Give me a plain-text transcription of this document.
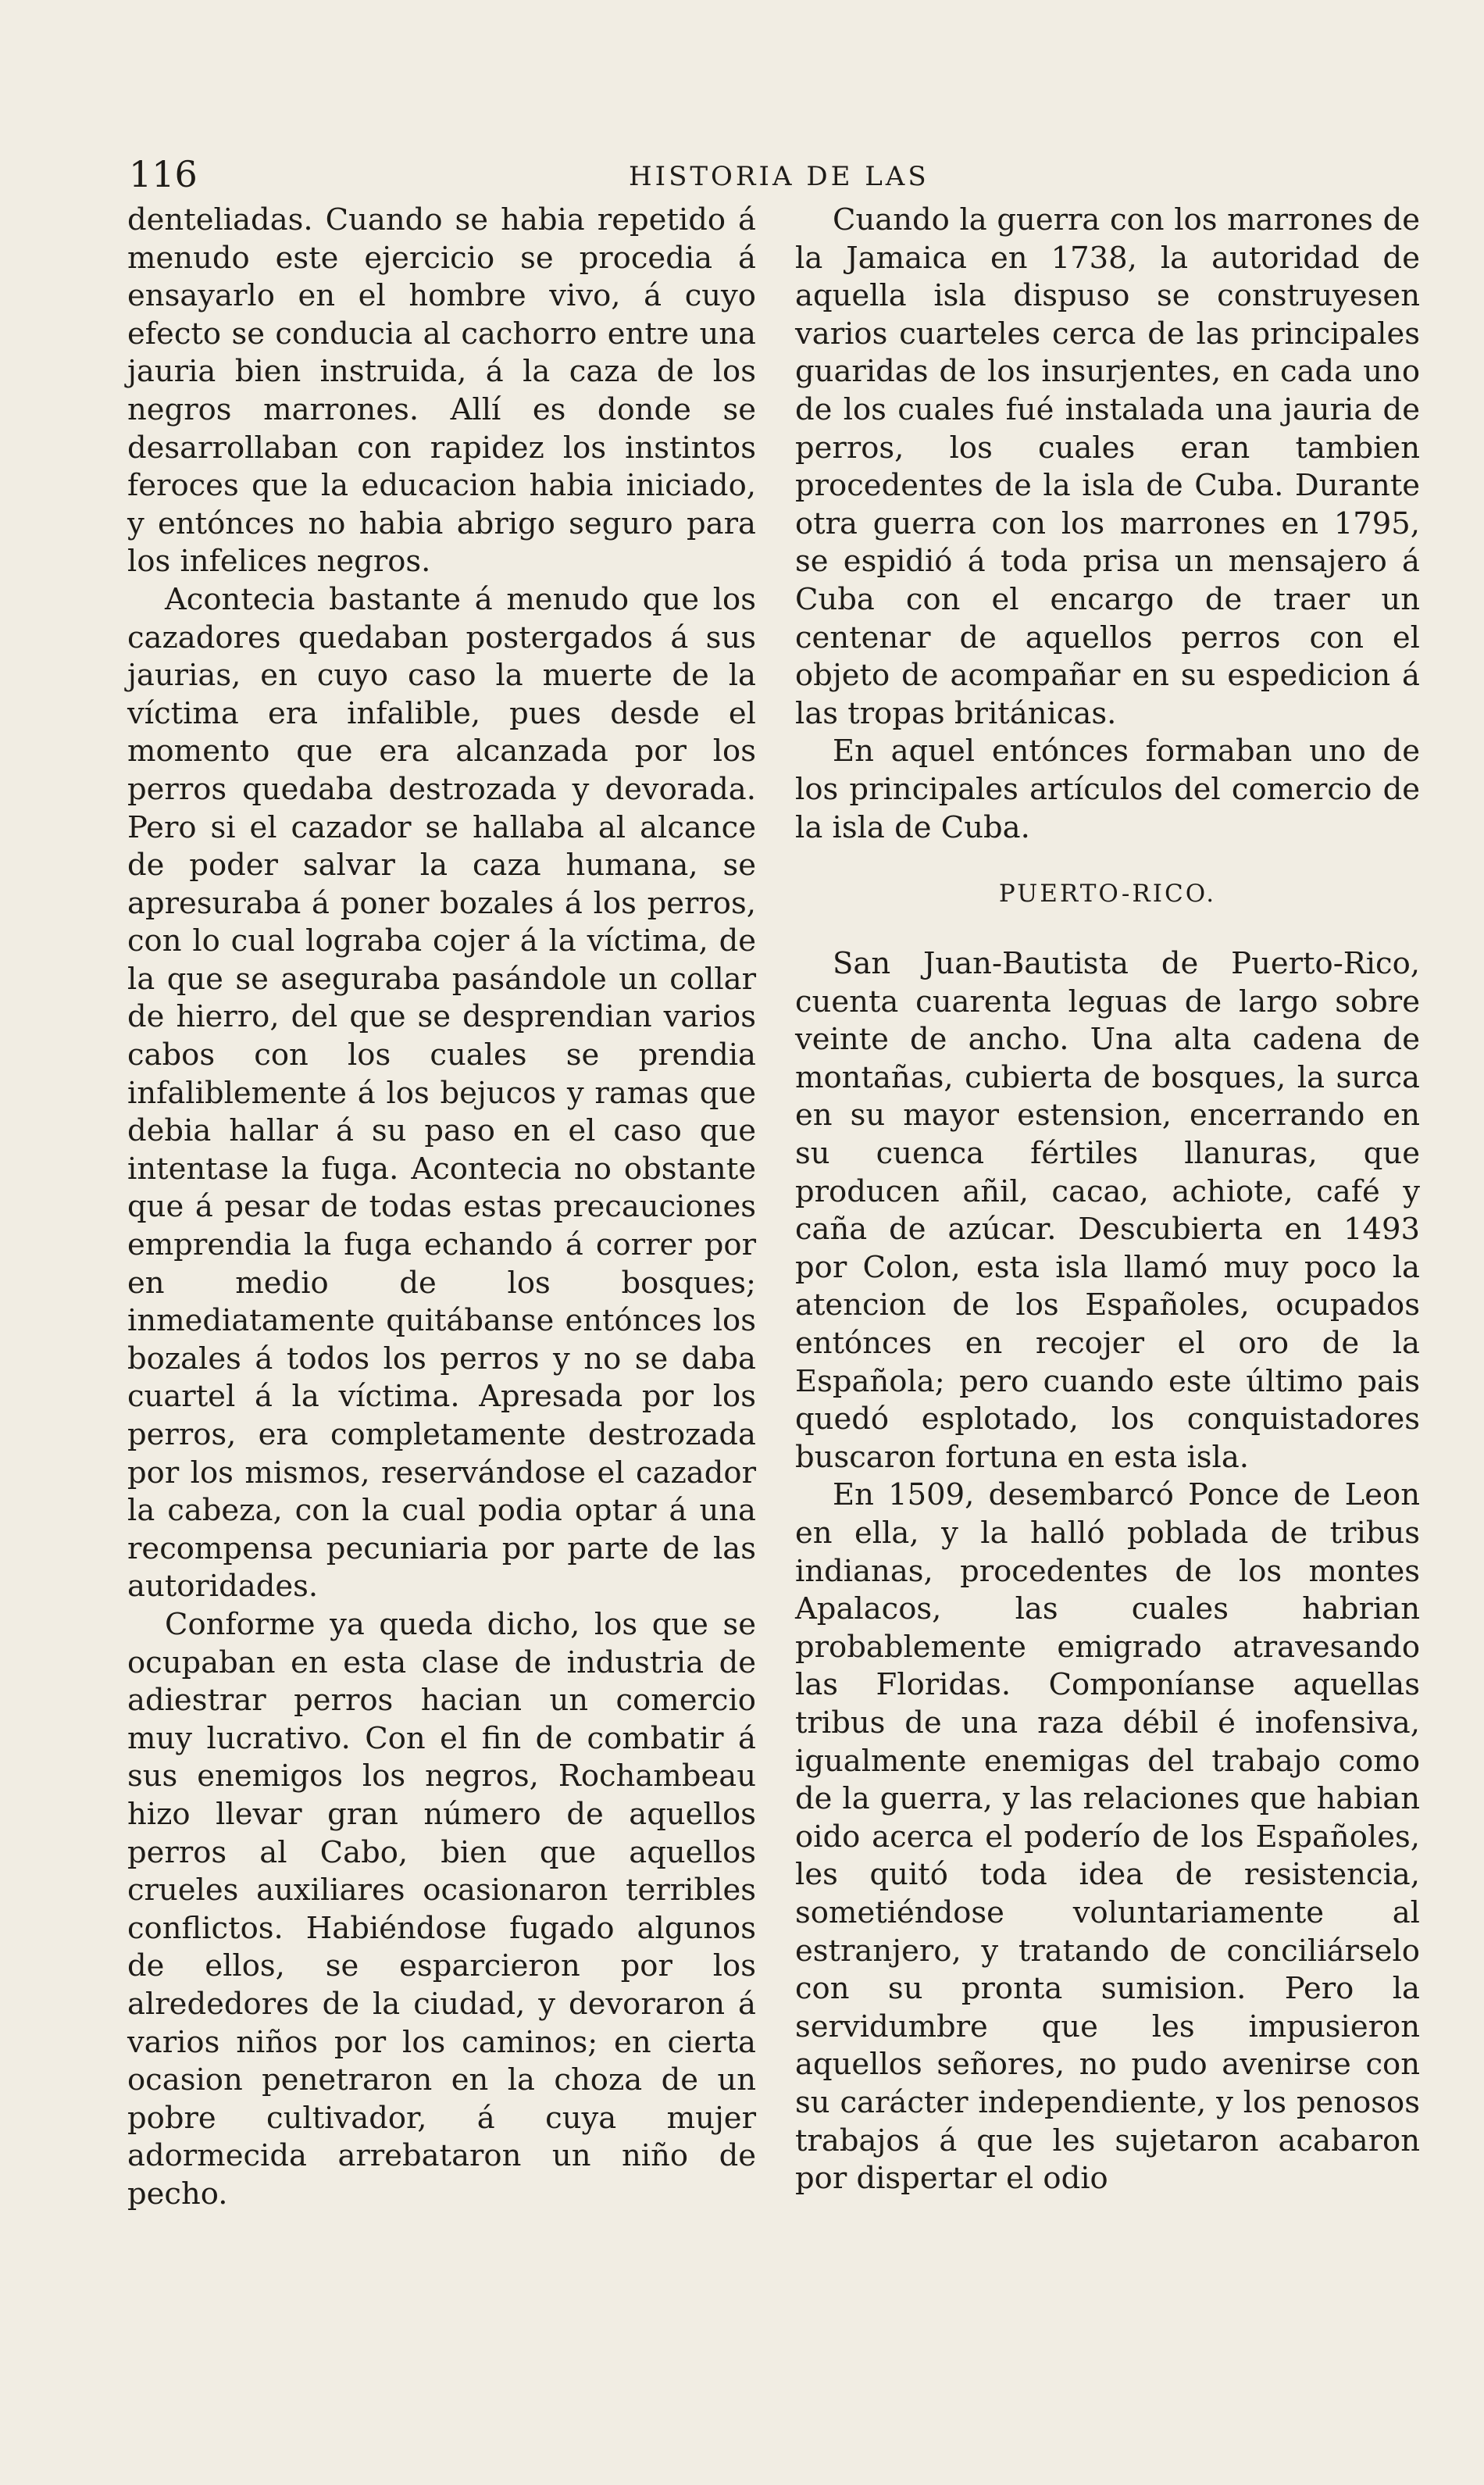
116	HISTORIA DE LAS

denteliadas. Cuando se habia repetido á menudo este ejercicio se procedia á ensayarlo en el hombre vivo, á cuyo efecto se conducia al cachorro entre una jauria bien instruida, á la caza de los negros marrones. Allí es donde se desarrollaban con rapidez los instintos feroces que la educacion habia iniciado, y entónces no habia abrigo seguro para los infelices negros.

Acontecia bastante á menudo que los cazadores quedaban postergados á sus jaurias, en cuyo caso la muerte de la víctima era infalible, pues desde el momento que era alcanzada por los perros quedaba destrozada y devorada. Pero si el cazador se hallaba al alcance de poder salvar la caza humana, se apresuraba á poner bozales á los perros, con lo cual lograba cojer á la víctima, de la que se aseguraba pasándole un collar de hierro, del que se desprendian varios cabos con los cuales se prendia infaliblemente á los bejucos y ramas que debia hallar á su paso en el caso que intentase la fuga. Acontecia no obstante que á pesar de todas estas precauciones emprendia la fuga echando á correr por en medio de los bosques; inmediatamente quitábanse entónces los bozales á todos los perros y no se daba cuartel á la víctima. Apresada por los perros, era completamente destrozada por los mismos, reservándose el cazador la cabeza, con la cual podia optar á una recompensa pecuniaria por parte de las autoridades.

Conforme ya queda dicho, los que se ocupaban en esta clase de industria de adiestrar perros hacian un comercio muy lucrativo. Con el fin de combatir á sus enemigos los negros, Rochambeau hizo llevar gran número de aquellos perros al Cabo, bien que aquellos crueles auxiliares ocasionaron terribles conflictos. Habiéndose fugado algunos de ellos, se esparcieron por los alrededores de la ciudad, y devoraron á varios niños por los caminos; en cierta ocasion penetraron en la choza de un pobre cultivador, á cuya mujer adormecida arrebataron un niño de pecho.

Cuando la guerra con los marrones de la Jamaica en 1738, la autoridad de aquella isla dispuso se construyesen varios cuarteles cerca de las principales guaridas de los insurjentes, en cada uno de los cuales fué instalada una jauria de perros, los cuales eran tambien procedentes de la isla de Cuba. Durante otra guerra con los marrones en 1795, se espidió á toda prisa un mensajero á Cuba con el encargo de traer un centenar de aquellos perros con el objeto de acompañar en su espedicion á las tropas británicas.

En aquel entónces formaban uno de los principales artículos del comercio de la isla de Cuba.

PUERTO-RICO.

San Juan-Bautista de Puerto-Rico, cuenta cuarenta leguas de largo sobre veinte de ancho. Una alta cadena de montañas, cubierta de bosques, la surca en su mayor estension, encerrando en su cuenca fértiles llanuras, que producen añil, cacao, achiote, café y caña de azúcar. Descubierta en 1493 por Colon, esta isla llamó muy poco la atencion de los Españoles, ocupados entónces en recojer el oro de la Española; pero cuando este último pais quedó esplotado, los conquistadores buscaron fortuna en esta isla.

En 1509, desembarcó Ponce de Leon en ella, y la halló poblada de tribus indianas, procedentes de los montes Apalacos, las cuales habrian probablemente emigrado atravesando las Floridas. Componíanse aquellas tribus de una raza débil é inofensiva, igualmente enemigas del trabajo como de la guerra, y las relaciones que habian oido acerca el poderío de los Españoles, les quitó toda idea de resistencia, sometiéndose voluntariamente al estranjero, y tratando de conciliárselo con su pronta sumision. Pero la servidumbre que les impusieron aquellos señores, no pudo avenirse con su carácter independiente, y los penosos trabajos á que les sujetaron acabaron por dispertar el odio
